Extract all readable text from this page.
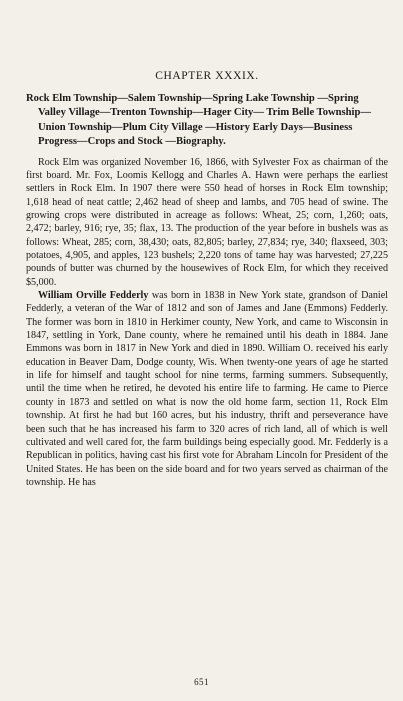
CHAPTER XXXIX.

Rock Elm Township—Salem Township—Spring Lake Township —Spring Valley Village—Trenton Township—Hager City— Trim Belle Township—Union Township—Plum City Village —History Early Days—Business Progress—Crops and Stock —Biography.

Rock Elm was organized November 16, 1866, with Sylvester Fox as chairman of the first board. Mr. Fox, Loomis Kellogg and Charles A. Hawn were perhaps the earliest settlers in Rock Elm. In 1907 there were 550 head of horses in Rock Elm township; 1,618 head of neat cattle; 2,462 head of sheep and lambs, and 705 head of swine. The growing crops were distributed in acreage as follows: Wheat, 25; corn, 1,260; oats, 2,472; barley, 916; rye, 35; flax, 13. The production of the year before in bushels was as follows: Wheat, 285; corn, 38,430; oats, 82,805; barley, 27,834; rye, 340; flaxseed, 303; potatoes, 4,905, and apples, 123 bushels; 2,220 tons of tame hay was harvested; 27,225 pounds of butter was churned by the housewives of Rock Elm, for which they received $5,000.

William Orville Fedderly was born in 1838 in New York state, grandson of Daniel Fedderly, a veteran of the War of 1812 and son of James and Jane (Emmons) Fedderly. The former was born in 1810 in Herkimer county, New York, and came to Wisconsin in 1847, settling in York, Dane county, where he remained until his death in 1884. Jane Emmons was born in 1817 in New York and died in 1890. William O. received his early education in Beaver Dam, Dodge county, Wis. When twenty-one years of age he started in life for himself and taught school for nine terms, farming summers. Subsequently, until the time when he retired, he devoted his entire life to farming. He came to Pierce county in 1873 and settled on what is now the old home farm, section 11, Rock Elm township. At first he had but 160 acres, but his industry, thrift and perseverance have been such that he has increased his farm to 320 acres of rich land, all of which is well cultivated and well cared for, the farm buildings being especially good. Mr. Fedderly is a Republican in politics, having cast his first vote for Abraham Lincoln for President of the United States. He has been on the side board and for two years served as chairman of the township. He has

651
